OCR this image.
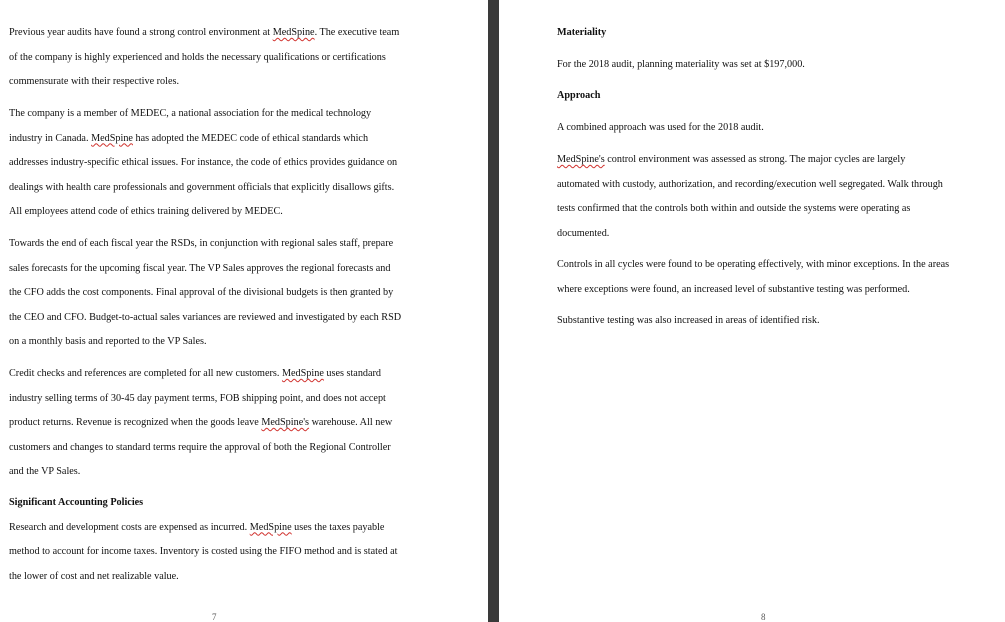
Previous year audits have found a strong control environment at MedSpine. The executive team
of the company is highly experienced and holds the necessary qualifications or certifications
commensurate with their respective roles.
The company is a member of MEDEC, a national association for the medical technology
industry in Canada. MedSpine has adopted the MEDEC code of ethical standards which
addresses industry-specific ethical issues. For instance, the code of ethics provides guidance on
dealings with health care professionals and government officials that explicitly disallows gifts.
All employees attend code of ethics training delivered by MEDEC.
Towards the end of each fiscal year the RSDs, in conjunction with regional sales staff, prepare
sales forecasts for the upcoming fiscal year. The VP Sales approves the regional forecasts and
the CFO adds the cost components. Final approval of the divisional budgets is then granted by
the CEO and CFO. Budget-to-actual sales variances are reviewed and investigated by each RSD
on a monthly basis and reported to the VP Sales.
Credit checks and references are completed for all new customers. MedSpine uses standard
industry selling terms of 30-45 day payment terms, FOB shipping point, and does not accept
product returns. Revenue is recognized when the goods leave MedSpine's warehouse. All new
customers and changes to standard terms require the approval of both the Regional Controller
and the VP Sales.
Significant Accounting Policies
Research and development costs are expensed as incurred. MedSpine uses the taxes payable
method to account for income taxes. Inventory is costed using the FIFO method and is stated at
the lower of cost and net realizable value.
7
Materiality
For the 2018 audit, planning materiality was set at $197,000.
Approach
A combined approach was used for the 2018 audit.
MedSpine's control environment was assessed as strong. The major cycles are largely
automated with custody, authorization, and recording/execution well segregated. Walk through
tests confirmed that the controls both within and outside the systems were operating as
documented.
Controls in all cycles were found to be operating effectively, with minor exceptions. In the areas
where exceptions were found, an increased level of substantive testing was performed.
Substantive testing was also increased in areas of identified risk.
8
